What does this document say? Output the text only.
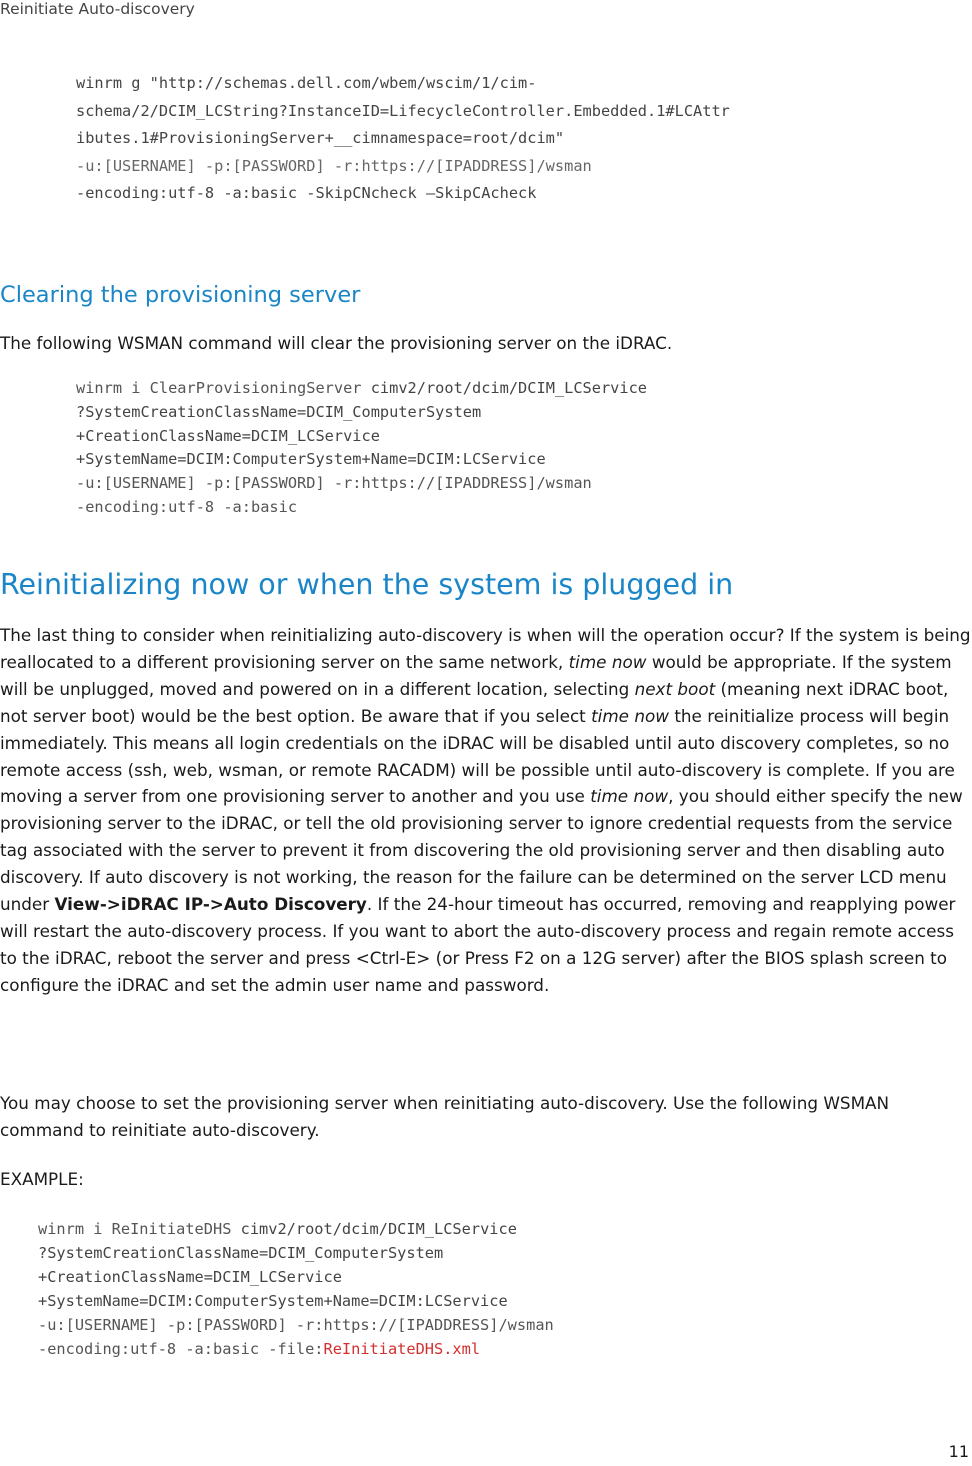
Reinitiate Auto-discovery
winrm g "http://schemas.dell.com/wbem/wscim/1/cim-
schema/2/DCIM_LCString?InstanceID=LifecycleController.Embedded.1#LCAttr
ibutes.1#ProvisioningServer+__cimnamespace=root/dcim"
-u:[USERNAME] -p:[PASSWORD] -r:https://[IPADDRESS]/wsman
-encoding:utf-8 -a:basic -SkipCNcheck –SkipCAcheck
Clearing the provisioning server

The following WSMAN command will clear the provisioning server on the iDRAC.

winrm i ClearProvisioningServer cimv2/root/dcim/DCIM_LCService
?SystemCreationClassName=DCIM_ComputerSystem
+CreationClassName=DCIM_LCService
+SystemName=DCIM:ComputerSystem+Name=DCIM:LCService
-u:[USERNAME] -p:[PASSWORD] -r:https://[IPADDRESS]/wsman
-encoding:utf-8 -a:basic
Reinitializing now or when the system is plugged in

The last thing to consider when reinitializing auto-discovery is when will the operation occur? If the system is being reallocated to a different provisioning server on the same network, time now would be appropriate. If the system will be unplugged, moved and powered on in a different location, selecting next boot (meaning next iDRAC boot, not server boot) would be the best option. Be aware that if you select time now the reinitialize process will begin immediately. This means all login credentials on the iDRAC will be disabled until auto discovery completes, so no remote access (ssh, web, wsman, or remote RACADM) will be possible until auto-discovery is complete. If you are moving a server from one provisioning server to another and you use time now, you should either specify the new provisioning server to the iDRAC, or tell the old provisioning server to ignore credential requests from the service tag associated with the server to prevent it from discovering the old provisioning server and then disabling auto discovery. If auto discovery is not working, the reason for the failure can be determined on the server LCD menu under View->iDRAC IP->Auto Discovery. If the 24-hour timeout has occurred, removing and reapplying power will restart the auto-discovery process. If you want to abort the auto-discovery process and regain remote access to the iDRAC, reboot the server and press <Ctrl-E> (or Press F2 on a 12G server) after the BIOS splash screen to configure the iDRAC and set the admin user name and password.

You may choose to set the provisioning server when reinitiating auto-discovery. Use the following WSMAN command to reinitiate auto-discovery.

EXAMPLE:

winrm i ReInitiateDHS cimv2/root/dcim/DCIM_LCService
?SystemCreationClassName=DCIM_ComputerSystem
+CreationClassName=DCIM_LCService
+SystemName=DCIM:ComputerSystem+Name=DCIM:LCService
-u:[USERNAME] -p:[PASSWORD] -r:https://[IPADDRESS]/wsman
-encoding:utf-8 -a:basic -file:ReInitiateDHS.xml
11
